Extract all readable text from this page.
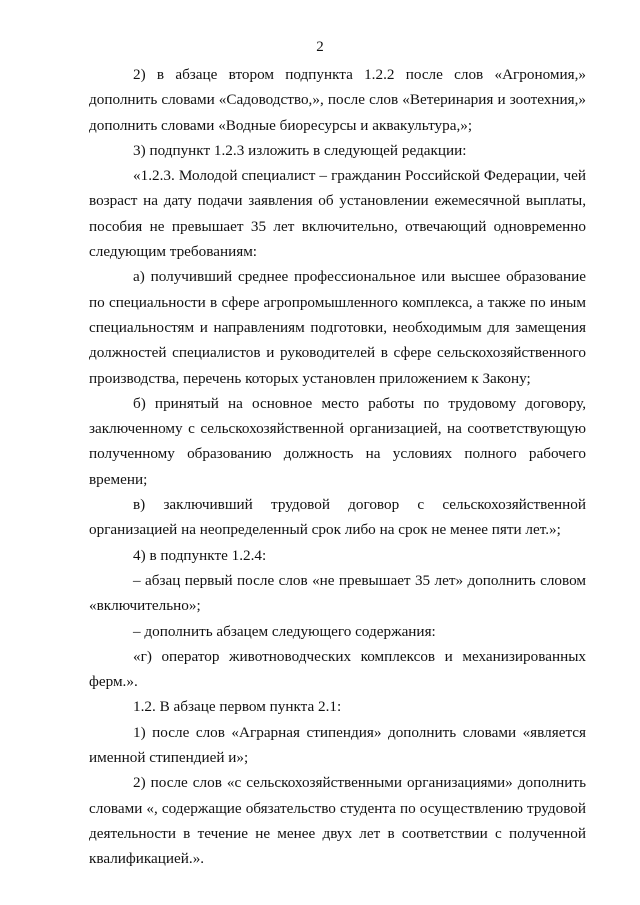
2

2) в абзаце втором подпункта 1.2.2 после слов «Агрономия,» дополнить словами «Садоводство,», после слов «Ветеринария и зоотехния,» дополнить словами «Водные биоресурсы и аквакультура,»;

3) подпункт 1.2.3 изложить в следующей редакции:

«1.2.3. Молодой специалист – гражданин Российской Федерации, чей возраст на дату подачи заявления об установлении ежемесячной выплаты, пособия не превышает 35 лет включительно, отвечающий одновременно следующим требованиям:

а) получивший среднее профессиональное или высшее образование по специальности в сфере агропромышленного комплекса, а также по иным специальностям и направлениям подготовки, необходимым для замещения должностей специалистов и руководителей в сфере сельскохозяйственного производства, перечень которых установлен приложением к Закону;

б) принятый на основное место работы по трудовому договору, заключенному с сельскохозяйственной организацией, на соответствующую полученному образованию должность на условиях полного рабочего времени;

в) заключивший трудовой договор с сельскохозяйственной организацией на неопределенный срок либо на срок не менее пяти лет.»;

4) в подпункте 1.2.4:

– абзац первый после слов «не превышает 35 лет» дополнить словом «включительно»;

– дополнить абзацем следующего содержания:

«г) оператор животноводческих комплексов и механизированных ферм.».

1.2. В абзаце первом пункта 2.1:

1) после слов «Аграрная стипендия» дополнить словами «является именной стипендией и»;

2) после слов «с сельскохозяйственными организациями» дополнить словами «, содержащие обязательство студента по осуществлению трудовой деятельности в течение не менее двух лет в соответствии с полученной квалификацией.».
